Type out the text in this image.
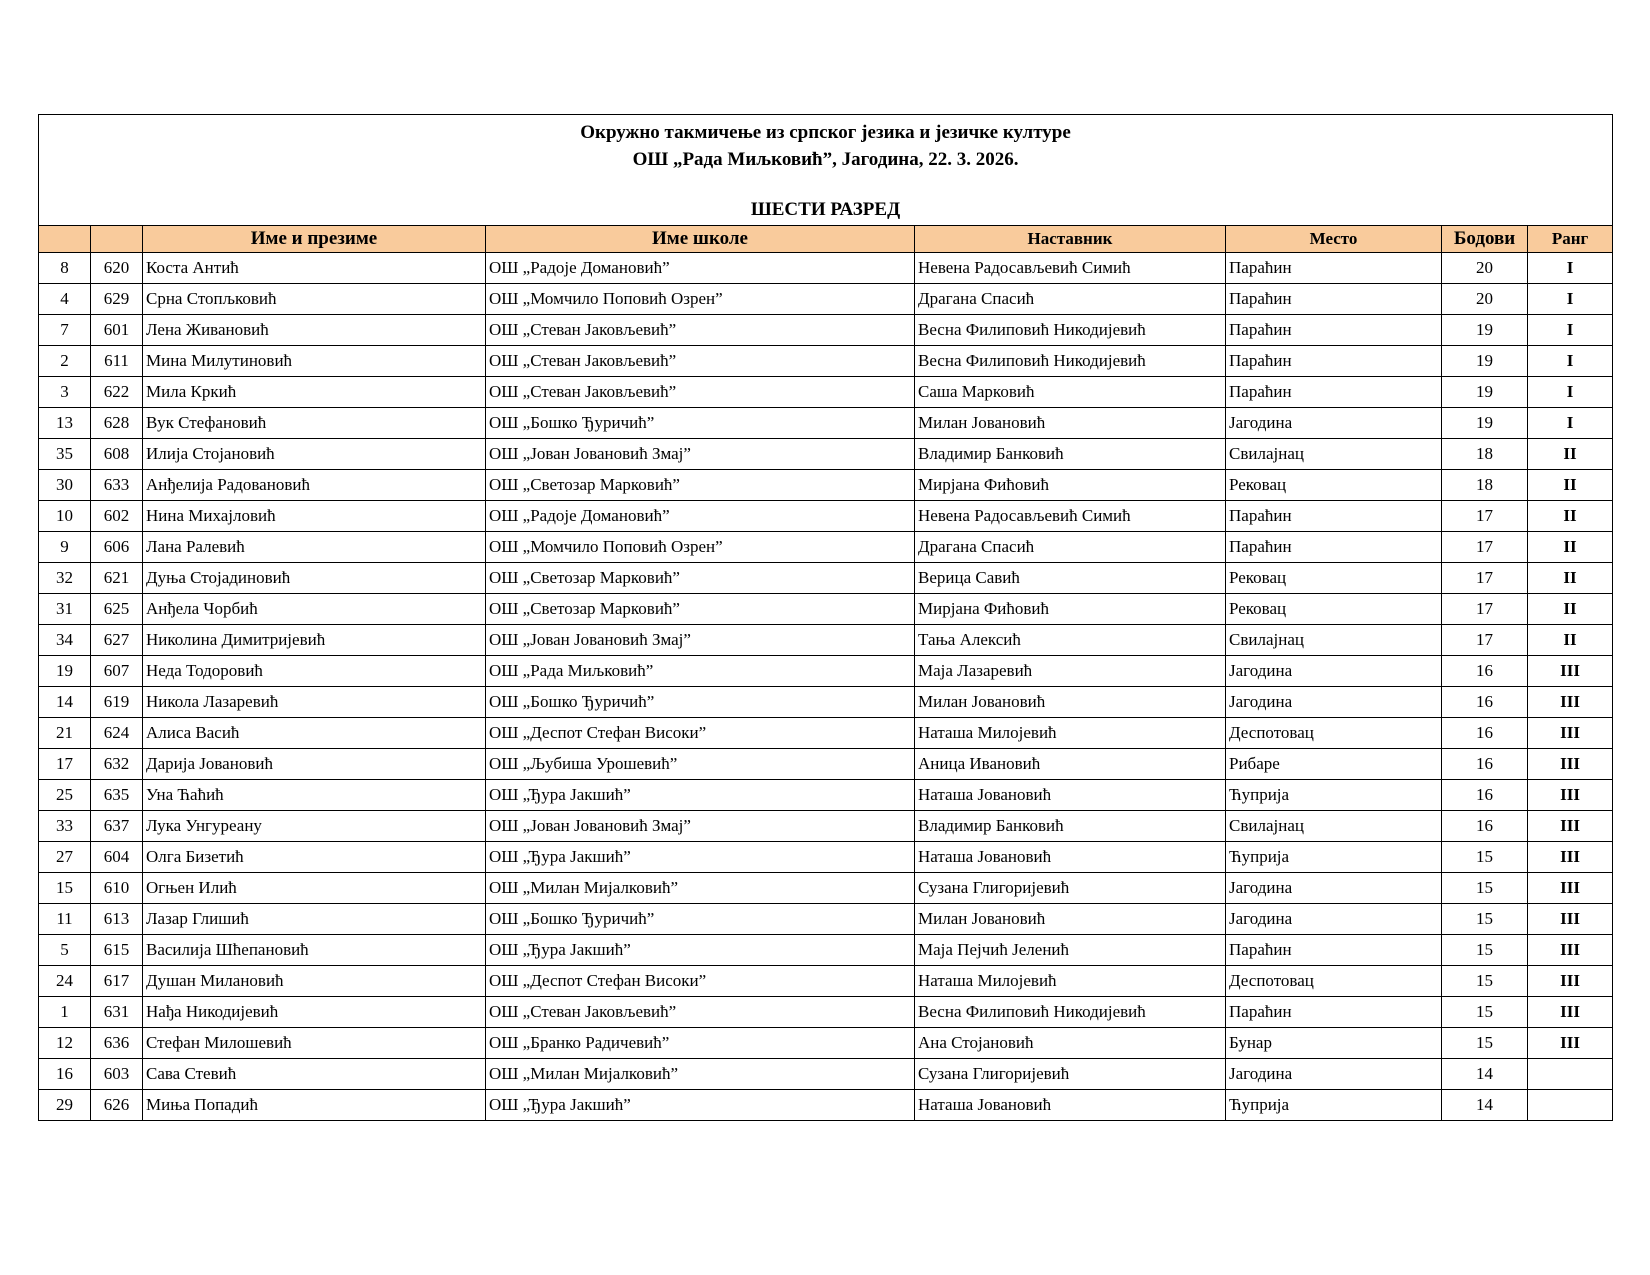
Окружно такмичење из српског језика и језичке културе
ОШ „Рада Миљковић”, Јагодина, 22. 3. 2026.
ШЕСТИ РАЗРЕД							

		Име и презиме	Име школе	Наставник	Место	Бодови	Ранг
8	620	Коста Антић	ОШ „Радоје Домановић”	Невена Радосављевић Симић	Параћин	20	I
4	629	Срна Стопљковић	ОШ „Момчило Поповић Озрен”	Драгана Спасић	Параћин	20	I
7	601	Лена Живановић	ОШ „Стеван Јаковљевић”	Весна Филиповић Никодијевић	Параћин	19	I
2	611	Мина Милутиновић	ОШ „Стеван Јаковљевић”	Весна Филиповић Никодијевић	Параћин	19	I
3	622	Мила Кркић	ОШ „Стеван Јаковљевић”	Саша Марковић	Параћин	19	I
13	628	Вук Стефановић	ОШ „Бошко Ђуричић”	Милан Јовановић	Јагодина	19	I
35	608	Илија Стојановић	ОШ „Јован Јовановић Змај”	Владимир Банковић	Свилајнац	18	II
30	633	Анђелија Радовановић	ОШ „Светозар Марковић”	Мирјана Фићовић	Рековац	18	II
10	602	Нина Михајловић	ОШ „Радоје Домановић”	Невена Радосављевић Симић	Параћин	17	II
9	606	Лана Ралевић	ОШ „Момчило Поповић Озрен”	Драгана Спасић	Параћин	17	II
32	621	Дуња Стојадиновић	ОШ „Светозар Марковић”	Верица Савић	Рековац	17	II
31	625	Анђела Чорбић	ОШ „Светозар Марковић”	Мирјана Фићовић	Рековац	17	II
34	627	Николина Димитријевић	ОШ „Јован Јовановић Змај”	Тања Алексић	Свилајнац	17	II
19	607	Неда Тодоровић	ОШ „Рада Миљковић”	Маја Лазаревић	Јагодина	16	III
14	619	Никола Лазаревић	ОШ „Бошко Ђуричић”	Милан Јовановић	Јагодина	16	III
21	624	Алиса Васић	ОШ „Деспот Стефан Високи”	Наташа Милојевић	Деспотовац	16	III
17	632	Дарија Јовановић	ОШ „Љубиша Урошевић”	Аница Ивановић	Рибаре	16	III
25	635	Уна Ћаћић	ОШ „Ђура Јакшић”	Наташа Јовановић	Ћуприја	16	III
33	637	Лука Унгуреану	ОШ „Јован Јовановић Змај”	Владимир Банковић	Свилајнац	16	III
27	604	Олга Бизетић	ОШ „Ђура Јакшић”	Наташа Јовановић	Ћуприја	15	III
15	610	Огњен Илић	ОШ „Милан Мијалковић”	Сузана Глигоријевић	Јагодина	15	III
11	613	Лазар Глишић	ОШ „Бошко Ђуричић”	Милан Јовановић	Јагодина	15	III
5	615	Василија Шћепановић	ОШ „Ђура Јакшић”	Маја Пејчић Јеленић	Параћин	15	III
24	617	Душан Милановић	ОШ „Деспот Стефан Високи”	Наташа Милојевић	Деспотовац	15	III
1	631	Нађа Никодијевић	ОШ „Стеван Јаковљевић”	Весна Филиповић Никодијевић	Параћин	15	III
12	636	Стефан Милошевић	ОШ „Бранко Радичевић”	Ана Стојановић	Бунар	15	III
16	603	Сава Стевић	ОШ „Милан Мијалковић”	Сузана Глигоријевић	Јагодина	14	
29	626	Миња Попадић	ОШ „Ђура Јакшић”	Наташа Јовановић	Ћуприја	14	
